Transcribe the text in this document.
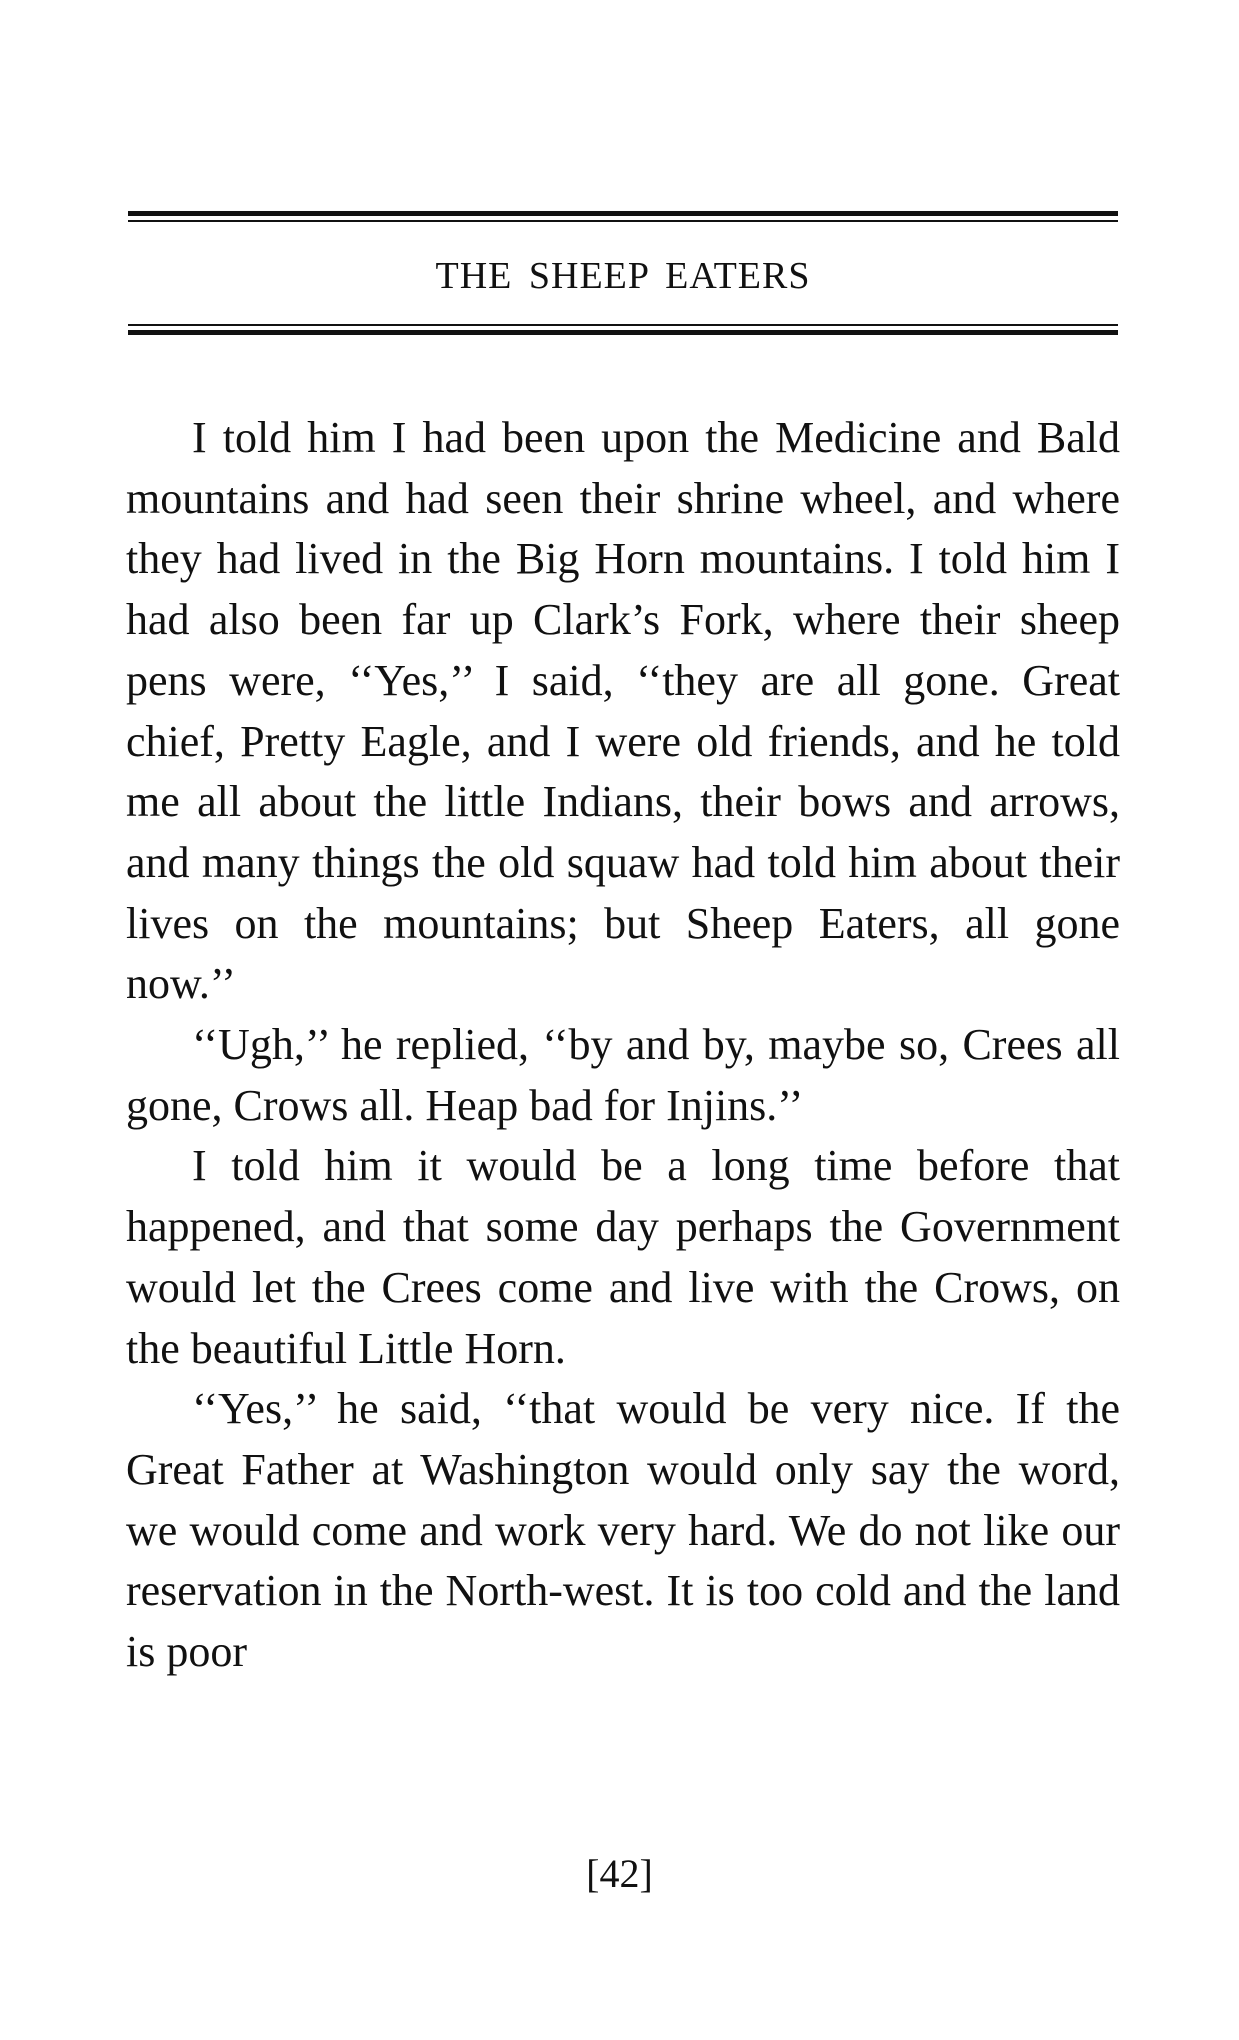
THE SHEEP EATERS

I told him I had been upon the Medicine and Bald mountains and had seen their shrine wheel, and where they had lived in the Big Horn mountains. I told him I had also been far up Clark’s Fork, where their sheep pens were, ‘‘Yes,’’ I said, ‘‘they are all gone. Great chief, Pretty Eagle, and I were old friends, and he told me all about the little Indians, their bows and arrows, and many things the old squaw had told him about their lives on the mountains; but Sheep Eaters, all gone now.’’

‘‘Ugh,’’ he replied, ‘‘by and by, maybe so, Crees all gone, Crows all. Heap bad for Injins.’’

I told him it would be a long time before that happened, and that some day perhaps the Government would let the Crees come and live with the Crows, on the beautiful Little Horn.

‘‘Yes,’’ he said, ‘‘that would be very nice. If the Great Father at Washington would only say the word, we would come and work very hard. We do not like our reservation in the North-west. It is too cold and the land is poor

[42]
